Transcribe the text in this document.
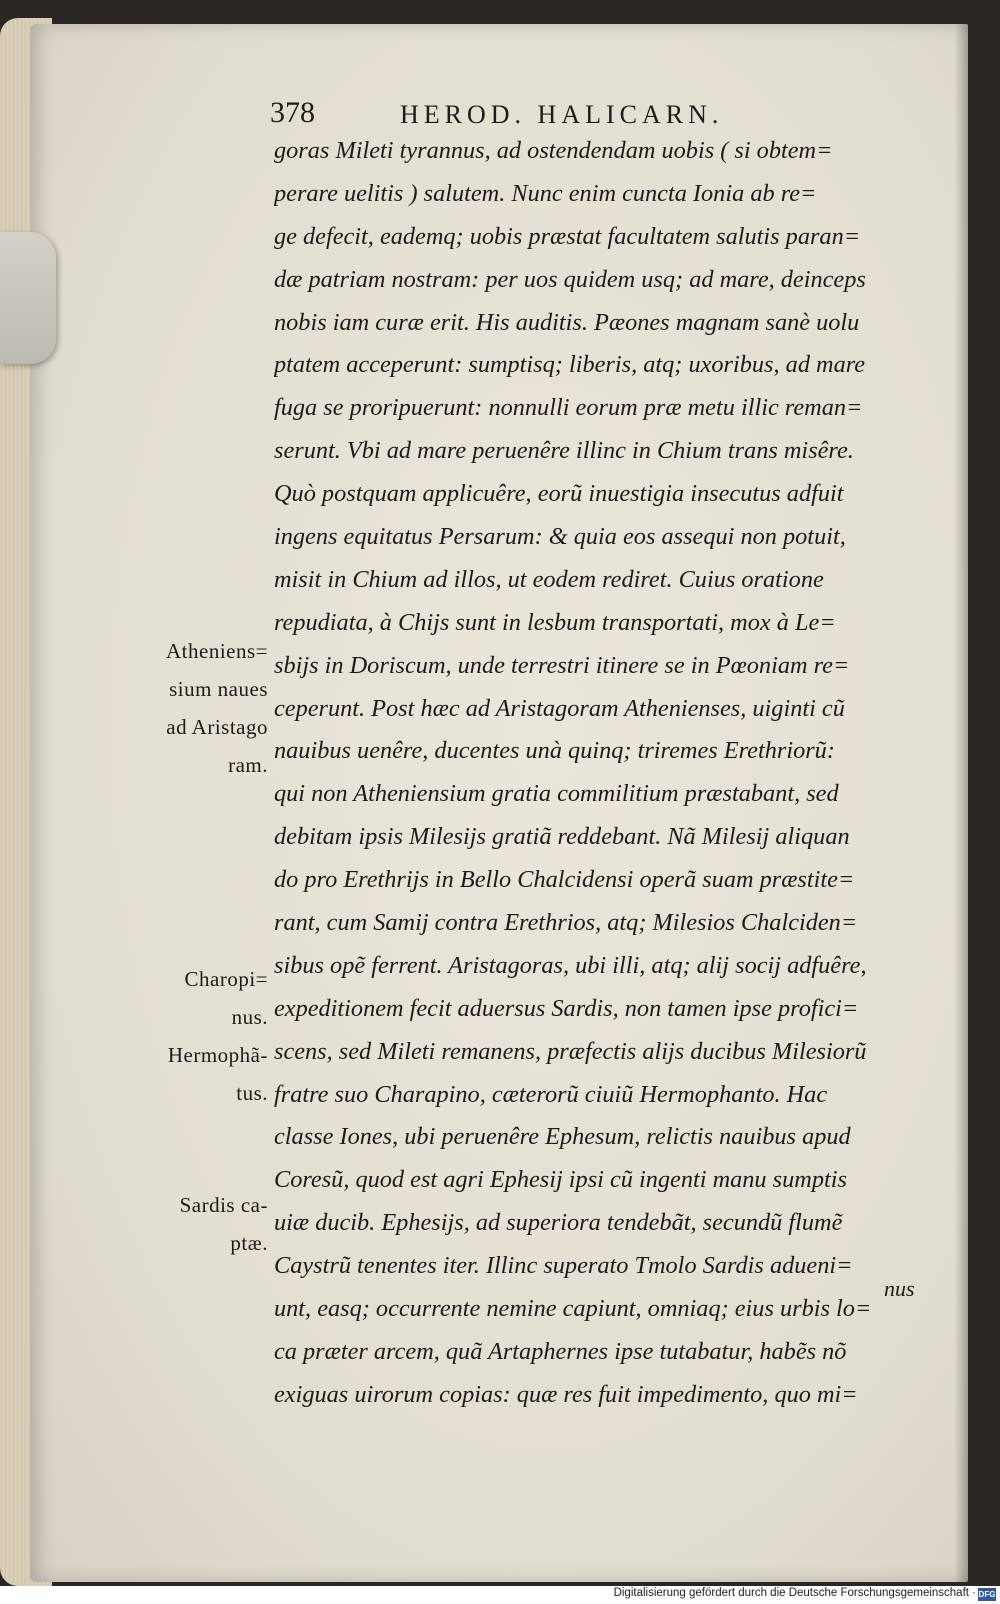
378	HEROD. HALICARN.
goras Mileti tyrannus, ad ostendendam uobis ( si obtem=
perare uelitis ) salutem. Nunc enim cuncta Ionia ab re=
ge defecit, eademq; uobis præstat facultatem salutis paran=
dæ patriam nostram: per uos quidem usq; ad mare, deinceps
nobis iam curæ erit. His auditis. Pæones magnam sanè uolu
ptatem acceperunt: sumptisq; liberis, atq; uxoribus, ad mare
fuga se proripuerunt: nonnulli eorum præ metu illic reman=
serunt. Vbi ad mare peruenêre illinc in Chium trans misêre.
Quò postquam applicuêre, eorũ inuestigia insecutus adfuit
ingens equitatus Persarum: & quia eos assequi non potuit,
misit in Chium ad illos, ut eodem rediret. Cuius oratione
repudiata, à Chijs sunt in lesbum transportati, mox à Le=
sbijs in Doriscum, unde terrestri itinere se in Pœoniam re=
ceperunt. Post hæc ad Aristagoram Athenienses, uiginti cũ
nauibus uenêre, ducentes unà quinq; triremes Erethriorũ:
qui non Atheniensium gratia commilitium præstabant, sed
debitam ipsis Milesijs gratiã reddebant. Nã Milesij aliquan
do pro Erethrijs in Bello Chalcidensi operã suam præstite=
rant, cum Samij contra Erethrios, atq; Milesios Chalciden=
sibus opẽ ferrent. Aristagoras, ubi illi, atq; alij socij adfuêre,
expeditionem fecit aduersus Sardis, non tamen ipse profici=
scens, sed Mileti remanens, præfectis alijs ducibus Milesiorũ
fratre suo Charapino, cæterorũ ciuiũ Hermophanto. Hac
classe Iones, ubi peruenêre Ephesum, relictis nauibus apud
Coresũ, quod est agri Ephesij ipsi cũ ingenti manu sumptis
uiæ ducib. Ephesijs, ad superiora tendebãt, secundũ flumẽ
Caystrũ tenentes iter. Illinc superato Tmolo Sardis adueni=
unt, easq; occurrente nemine capiunt, omniaq; eius urbis lo=
ca præter arcem, quã Artaphernes ipse tutabatur, habẽs nõ
exiguas uirorum copias: quæ res fuit impedimento, quo mi=
nus
Atheniens=
sium naues
ad Aristago
ram.
Charopi=
nus.
Hermophã-
tus.
Sardis ca-
ptæ.
Digitalisierung gefördert durch die Deutsche Forschungsgemeinschaft · DFG
